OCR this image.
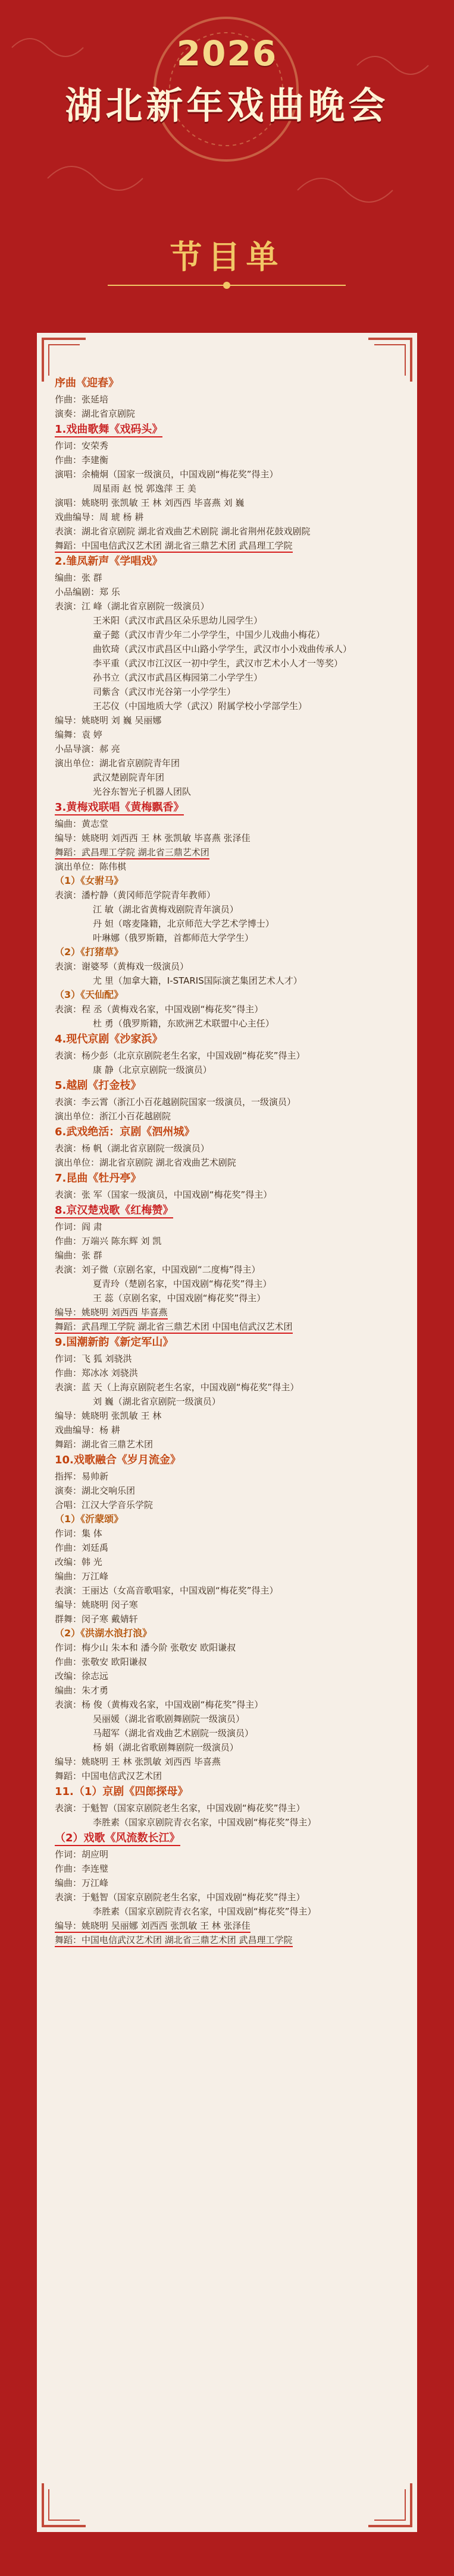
2026
湖北新年戏曲晚会
节目单
序曲《迎春》
作曲：张延培
演奏：湖北省京剧院
1.戏曲歌舞《戏码头》
作词：安荣秀
作曲：李建衡
演唱：余楠炯（国家一级演员，中国戏剧“梅花奖”得主）
周星雨 赵 悦 郭逸萍 王 美
演唱：姚晓明 张凯敏 王 林 刘西西 毕喜燕 刘 巍
戏曲编导：周 琥 杨 耕
表演：湖北省京剧院 湖北省戏曲艺术剧院 湖北省荆州花鼓戏剧院
舞蹈：中国电信武汉艺术团 湖北省三鼎艺术团 武昌理工学院
2.雏凤新声《学唱戏》
编曲：张 群
小品编剧：郑 乐
表演：江 峰（湖北省京剧院一级演员）
王米阳（武汉市武昌区朵乐思幼儿园学生）
童子懿（武汉市青少年二小学学生，中国少儿戏曲小梅花）
曲钦琦（武汉市武昌区中山路小学学生，武汉市小小戏曲传承人）
李平重（武汉市江汉区一初中学生，武汉市艺术小人才一等奖）
孙书立（武汉市武昌区梅园第二小学学生）
司紫含（武汉市光谷第一小学学生）
王芯仪（中国地质大学（武汉）附属学校小学部学生）
编导：姚晓明 刘 巍 吴丽娜
编舞：袁 婷
小品导演：郝 亮
演出单位：湖北省京剧院青年团
武汉楚剧院青年团
光谷东智光子机器人团队
3.黄梅戏联唱《黄梅飘香》
编曲：黄志堂
编导：姚晓明 刘西西 王 林 张凯敏 毕喜燕 张泽佳
舞蹈：武昌理工学院 湖北省三鼎艺术团
演出单位：陈伟棋
（1）《女驸马》
表演：潘柠静（黄冈师范学院青年教师）
江 敏（湖北省黄梅戏剧院青年演员）
丹 妲（喀麦隆籍，北京师范大学艺术学博士）
叶琳娜（俄罗斯籍，首都师范大学学生）
（2）《打猪草》
表演：谢婆琴（黄梅戏一级演员）
尤 里（加拿大籍，I-STARIS国际演艺集团艺术人才）
（3）《天仙配》
表演：程 丞（黄梅戏名家，中国戏剧“梅花奖”得主）
杜 勇（俄罗斯籍，东欧洲艺术联盟中心主任）
4.现代京剧《沙家浜》
表演：杨少彭（北京京剧院老生名家，中国戏剧“梅花奖”得主）
康 静（北京京剧院一级演员）
5.越剧《打金枝》
表演：李云霄（浙江小百花越剧院国家一级演员，一级演员）
演出单位：浙江小百花越剧院
6.武戏绝活：京剧《泗州城》
表演：杨 帆（湖北省京剧院一级演员）
演出单位：湖北省京剧院 湖北省戏曲艺术剧院
7.昆曲《牡丹亭》
表演：张 军（国家一级演员，中国戏剧“梅花奖”得主）
8.京汉楚戏歌《红梅赞》
作词：阎 肃
作曲：万端兴 陈东辉 刘 凯
编曲：张 群
表演：刘子微（京剧名家，中国戏剧“二度梅”得主）
夏青玲（楚剧名家，中国戏剧“梅花奖”得主）
王 蕊（京剧名家，中国戏剧“梅花奖”得主）
编导：姚晓明 刘西西 毕喜燕
舞蹈：武昌理工学院 湖北省三鼎艺术团 中国电信武汉艺术团
9.国潮新韵《新定军山》
作词：飞 狐 刘骁洪
作曲：郑冰冰 刘骁洪
表演：蓝 天（上海京剧院老生名家，中国戏剧“梅花奖”得主）
刘 巍（湖北省京剧院一级演员）
编导：姚晓明 张凯敏 王 林
戏曲编导：杨 耕
舞蹈：湖北省三鼎艺术团
10.戏歌融合《岁月流金》
指挥：易帅新
演奏：湖北交响乐团
合唱：江汉大学音乐学院
（1）《沂蒙颂》
作词：集 体
作曲：刘廷禹
改编：韩 光
编曲：万江峰
表演：王丽达（女高音歌唱家，中国戏剧“梅花奖”得主）
编导：姚晓明 闵子寒
群舞：闵子寒 戴婧轩
（2）《洪湖水浪打浪》
作词：梅少山 朱本和 潘今阶 张敬安 欧阳谦叔
作曲：张敬安 欧阳谦叔
改编：徐志远
编曲：朱才勇
表演：杨 俊（黄梅戏名家，中国戏剧“梅花奖”得主）
吴丽媛（湖北省歌剧舞剧院一级演员）
马超军（湖北省戏曲艺术剧院一级演员）
杨 娟（湖北省歌剧舞剧院一级演员）
编导：姚晓明 王 林 张凯敏 刘西西 毕喜燕
舞蹈：中国电信武汉艺术团
11.（1）京剧《四郎探母》
表演：于魁智（国家京剧院老生名家，中国戏剧“梅花奖”得主）
李胜素（国家京剧院青衣名家，中国戏剧“梅花奖”得主）
（2）戏歌《风流数长江》
作词：胡应明
作曲：李连璧
编曲：万江峰
表演：于魁智（国家京剧院老生名家，中国戏剧“梅花奖”得主）
李胜素（国家京剧院青衣名家，中国戏剧“梅花奖”得主）
编导：姚晓明 吴丽娜 刘西西 张凯敏 王 林 张泽佳
舞蹈：中国电信武汉艺术团 湖北省三鼎艺术团 武昌理工学院
